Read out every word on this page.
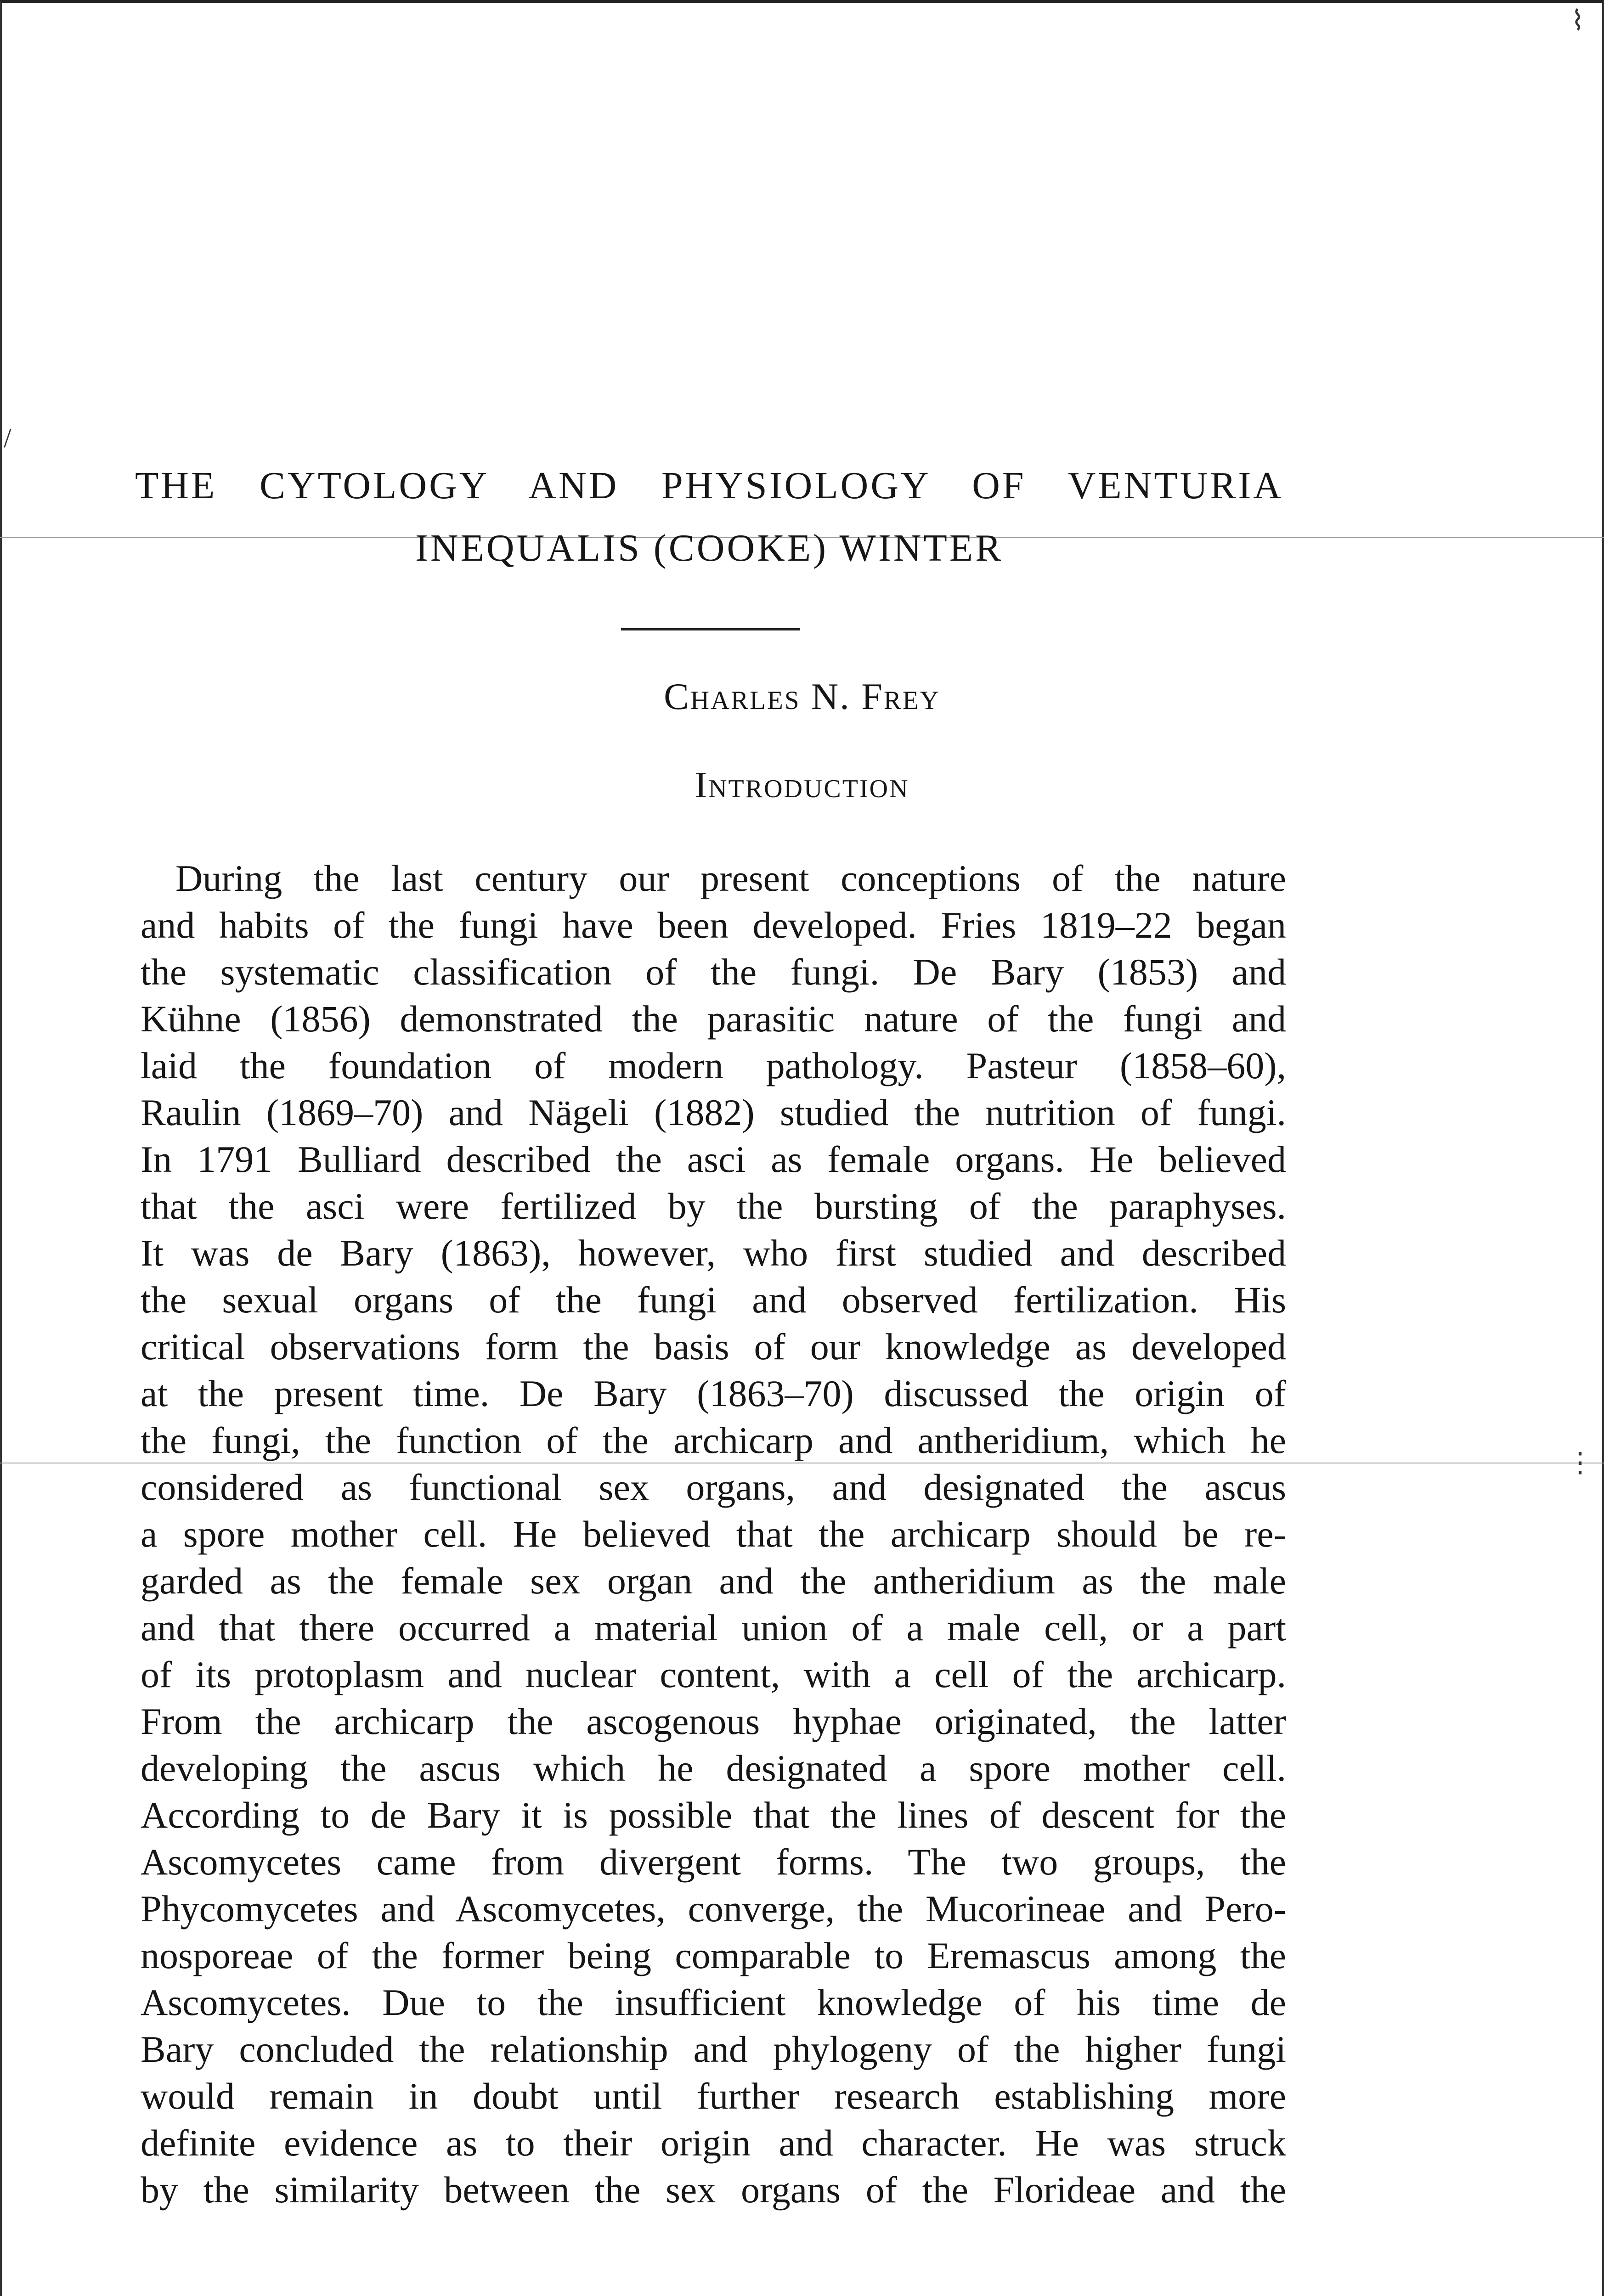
/
⌇
⋮
THE CYTOLOGY AND PHYSIOLOGY OF VENTURIA
INEQUALIS (COOKE) WINTER
Charles N. Frey
Introduction
During the last century our present conceptions of the nature
and habits of the fungi have been developed. Fries 1819–22 began
the systematic classification of the fungi. De Bary (1853) and
Kühne (1856) demonstrated the parasitic nature of the fungi and
laid the foundation of modern pathology. Pasteur (1858–60),
Raulin (1869–70) and Nägeli (1882) studied the nutrition of fungi.
In 1791 Bulliard described the asci as female organs. He believed
that the asci were fertilized by the bursting of the paraphyses.
It was de Bary (1863), however, who first studied and described
the sexual organs of the fungi and observed fertilization. His
critical observations form the basis of our knowledge as developed
at the present time. De Bary (1863–70) discussed the origin of
the fungi, the function of the archicarp and antheridium, which he
considered as functional sex organs, and designated the ascus
a spore mother cell. He believed that the archicarp should be re-
garded as the female sex organ and the antheridium as the male
and that there occurred a material union of a male cell, or a part
of its protoplasm and nuclear content, with a cell of the archicarp.
From the archicarp the ascogenous hyphae originated, the latter
developing the ascus which he designated a spore mother cell.
According to de Bary it is possible that the lines of descent for the
Ascomycetes came from divergent forms. The two groups, the
Phycomycetes and Ascomycetes, converge, the Mucorineae and Pero-
nosporeae of the former being comparable to Eremascus among the
Ascomycetes. Due to the insufficient knowledge of his time de
Bary concluded the relationship and phylogeny of the higher fungi
would remain in doubt until further research establishing more
definite evidence as to their origin and character. He was struck
by the similarity between the sex organs of the Florideae and the
